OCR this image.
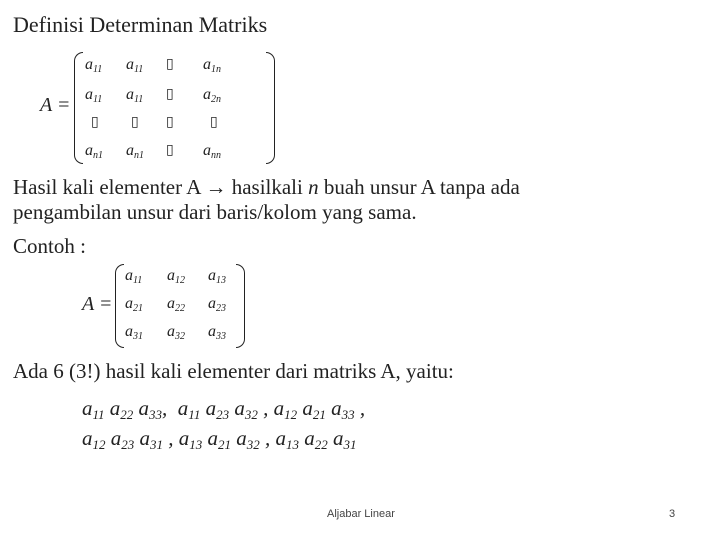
Definisi Determinan Matriks
A =
$a_{11}$ $a_{11}$ ▯ $a_{1n}$
$a_{11}$ $a_{11}$ ▯ $a_{2n}$
▯ ▯ ▯	▯
$a_{n1}$ $a_{n1}$ ▯ $a_{nn}$
Hasil kali elementer A → hasilkali n buah unsur A tanpa ada
pengambilan unsur dari baris/kolom yang sama.
Contoh :
A =
$a_{11}$ $a_{12}$ $a_{13}$
$a_{21}$ $a_{22}$ $a_{23}$
$a_{31}$ $a_{32}$ $a_{33}$
Ada 6 (3!) hasil kali elementer dari matriks A, yaitu:
$a_{11}$ $a_{22}$ $a_{33}$,  $a_{11}$ $a_{23}$ $a_{32}$ , $a_{12}$ $a_{21}$ $a_{33}$ ,
$a_{12}$ $a_{23}$ $a_{31}$ , $a_{13}$ $a_{21}$ $a_{32}$ , $a_{13}$ $a_{22}$ $a_{31}$
Aljabar Linear	3
